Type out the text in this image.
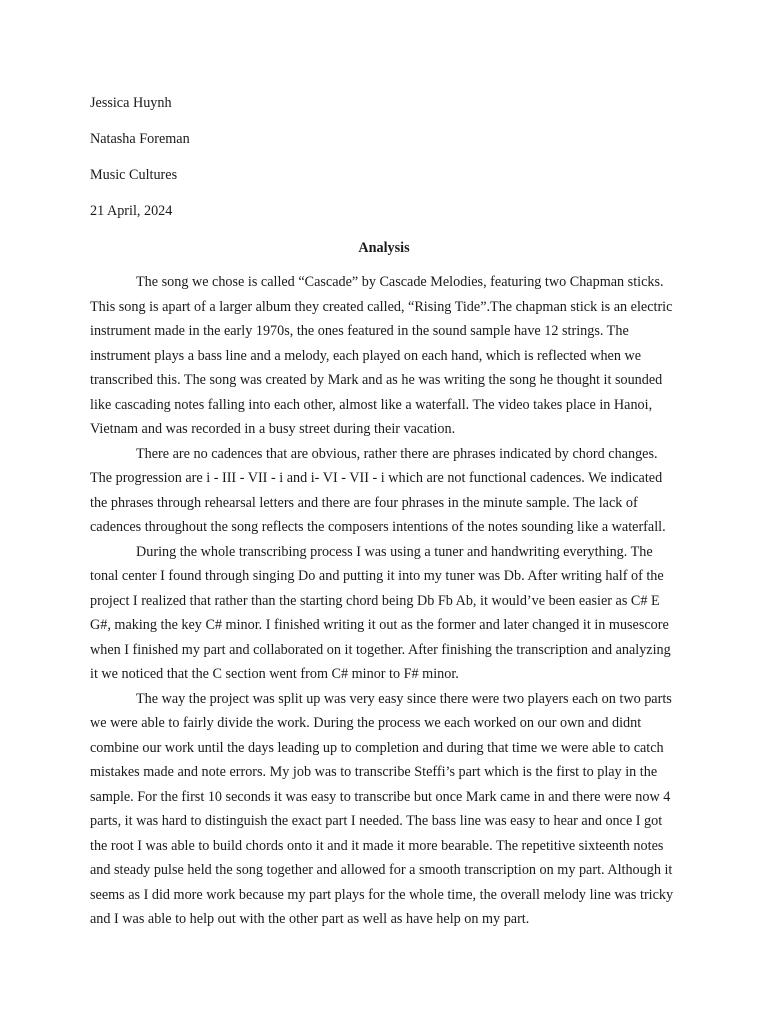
Jessica Huynh

Natasha Foreman

Music Cultures

21 April, 2024

Analysis

The song we chose is called “Cascade” by Cascade Melodies, featuring two Chapman sticks. This song is apart of a larger album they created called, “Rising Tide”.The chapman stick is an electric instrument made in the early 1970s, the ones featured in the sound sample have 12 strings. The instrument plays a bass line and a melody, each played on each hand, which is reflected when we transcribed this. The song was created by Mark and as he was writing the song he thought it sounded like cascading notes falling into each other, almost like a waterfall. The video takes place in Hanoi, Vietnam and was recorded in a busy street during their vacation.

There are no cadences that are obvious, rather there are phrases indicated by chord changes. The progression are i - III - VII - i and i- VI - VII - i which are not functional cadences. We indicated the phrases through rehearsal letters and there are four phrases in the minute sample. The lack of cadences throughout the song reflects the composers intentions of the notes sounding like a waterfall.

During the whole transcribing process I was using a tuner and handwriting everything. The tonal center I found through singing Do and putting it into my tuner was Db. After writing half of the project I realized that rather than the starting chord being Db Fb Ab, it would’ve been easier as C# E G#, making the key C# minor. I finished writing it out as the former and later changed it in musescore when I finished my part and collaborated on it together. After finishing the transcription and analyzing it we noticed that the C section went from C# minor to F# minor.

The way the project was split up was very easy since there were two players each on two parts we were able to fairly divide the work. During the process we each worked on our own and didnt combine our work until the days leading up to completion and during that time we were able to catch mistakes made and note errors. My job was to transcribe Steffi’s part which is the first to play in the sample. For the first 10 seconds it was easy to transcribe but once Mark came in and there were now 4 parts, it was hard to distinguish the exact part I needed. The bass line was easy to hear and once I got the root I was able to build chords onto it and it made it more bearable. The repetitive sixteenth notes and steady pulse held the song together and allowed for a smooth transcription on my part. Although it seems as I did more work because my part plays for the whole time, the overall melody line was tricky and I was able to help out with the other part as well as have help on my part.
